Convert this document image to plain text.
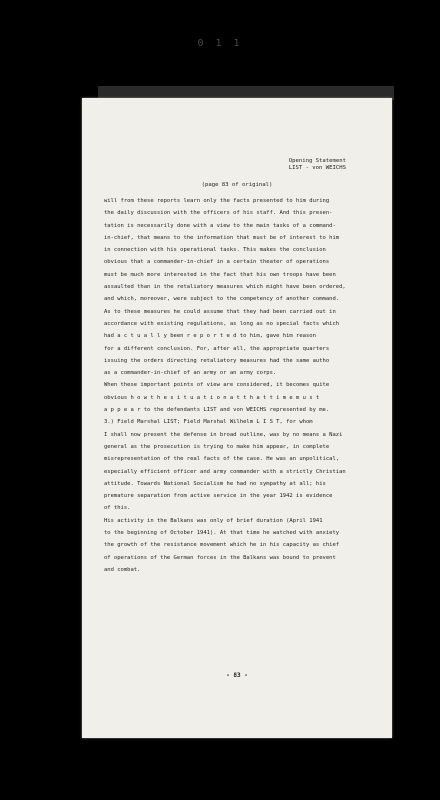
0 1 1
Opening Statement
LIST - von WEICHS
(page 83 of original)
will from these reports learn only the facts presented to him during
the daily discussion with the officers of his staff. And this presen-
tation is necessarily done with a view to the main tasks of a command-
in-chief, that means to the information that must be of interest to him
in connection with his operational tasks. This makes the conclusion
obvious that a commander-in-chief in a certain theater of operations
must be much more interested in the fact that his own troops have been
assaulted than in the retaliatory measures which might have been ordered,
and which, moreover, were subject to the competency of another command.
As to these measures he could assume that they had been carried out in
accordance with existing regulations, as long as no special facts which
had a c t u a l l y been r e p o r t e d to him, gave him reason
for a different conclusion. For, after all, the appropriate quarters
issuing the orders directing retaliatory measures had the same autho
as a commander-in-chief of an army or an army corps.
When these important points of view are considered, it becomes quite
obvious h o w t h e s i t u a t i o n a t t h a t t i m e m u s t
a p p e a r to the defendants LIST and von WEICHS represented by me.
3.) Field Marshal LIST; Field Marshal Wilhelm L I S T, for whom
I shall now present the defense in broad outline, was by no means a Nazi
general as the prosecution is trying to make him appear, in complete
misrepresentation of the real facts of the case. He was an unpolitical,
especially efficient officer and army commander with a strictly Christian
attitude. Towards National Socialism he had no sympathy at all; his
premature separation from active service in the year 1942 is evidence
of this.
His activity in the Balkans was only of brief duration (April 1941
to the beginning of October 1941). At that time he watched with anxiety
the growth of the resistance movement which he in his capacity as chief
of operations of the German forces in the Balkans was bound to prevent
and combat.
- 83 -
